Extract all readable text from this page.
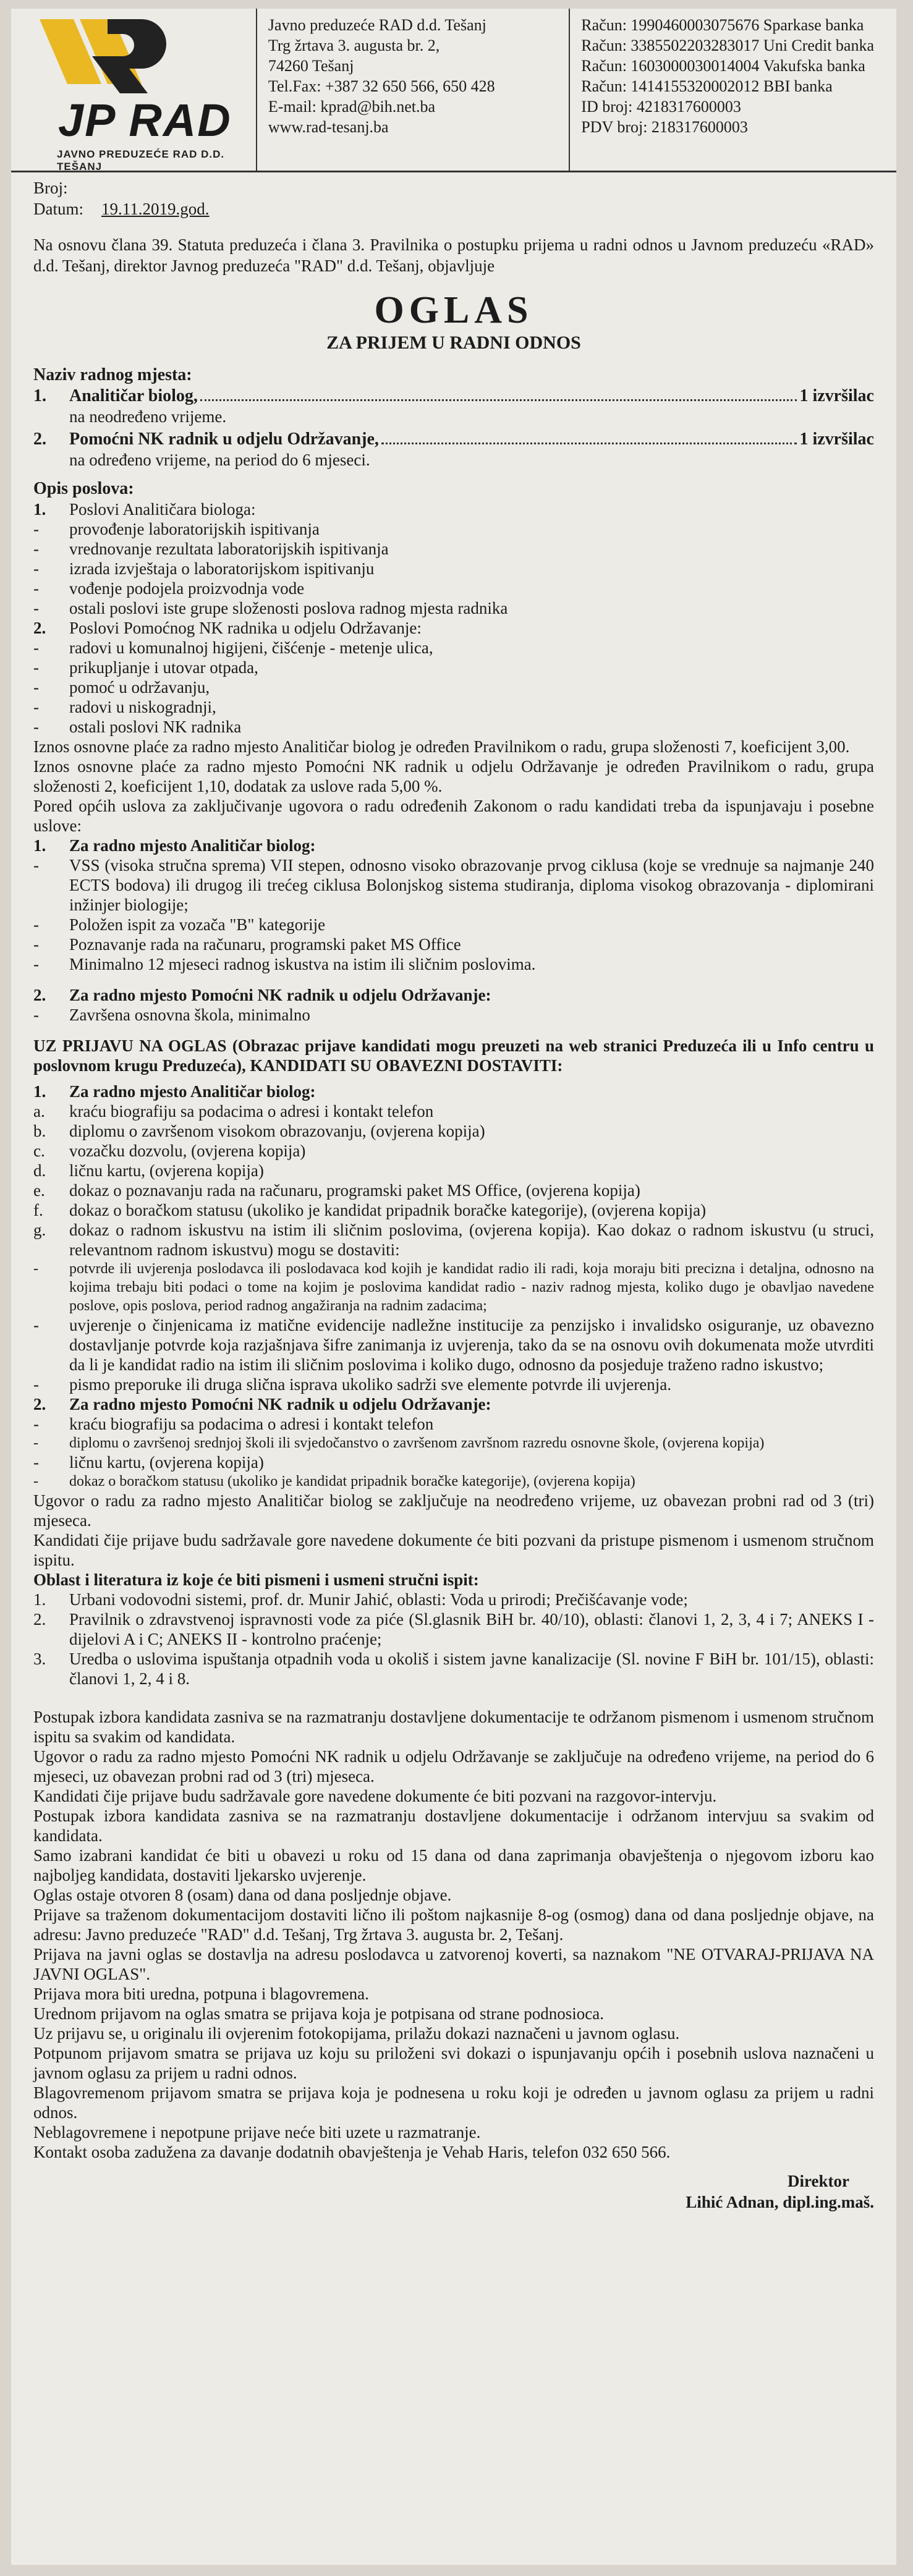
JP RAD
JAVNO PREDUZEĆE RAD D.D. TEŠANJ
Javno preduzeće RAD d.d. Tešanj
Trg žrtava 3. augusta br. 2,
74260 Tešanj
Tel.Fax: +387 32 650 566, 650 428
E-mail: kprad@bih.net.ba
www.rad-tesanj.ba
Račun: 1990460003075676 Sparkase banka
Račun: 3385502203283017 Uni Credit banka
Račun: 1603000030014004 Vakufska banka
Račun: 1414155320002012 BBI banka
ID broj: 4218317600003
PDV broj: 218317600003
Broj:
Datum: 19.11.2019.god.
Na osnovu člana 39. Statuta preduzeća i člana 3. Pravilnika o postupku prijema u radni odnos u Javnom preduzeću «RAD» d.d. Tešanj, direktor Javnog preduzeća "RAD" d.d. Tešanj, objavljuje
OGLAS
ZA PRIJEM U RADNI ODNOS
Naziv radnog mjesta:
1.	Analitičar biolog,	1 izvršilac
na neodređeno vrijeme.
2.	Pomoćni NK radnik u odjelu Održavanje,	1 izvršilac
na određeno vrijeme, na period do 6 mjeseci.
Opis poslova:
1.	Poslovi Analitičara biologa:
-	provođenje laboratorijskih ispitivanja
-	vrednovanje rezultata laboratorijskih ispitivanja
-	izrada izvještaja o laboratorijskom ispitivanju
-	vođenje podojela proizvodnja vode
-	ostali poslovi iste grupe složenosti poslova radnog mjesta radnika
2.	Poslovi Pomoćnog NK radnika u odjelu Održavanje:
-	radovi u komunalnoj higijeni, čišćenje - metenje ulica,
-	prikupljanje i utovar otpada,
-	pomoć u održavanju,
-	radovi u niskogradnji,
-	ostali poslovi NK radnika
Iznos osnovne plaće za radno mjesto Analitičar biolog je određen Pravilnikom o radu, grupa složenosti 7, koeficijent 3,00.
Iznos osnovne plaće za radno mjesto Pomoćni NK radnik u odjelu Održavanje je određen Pravilnikom o radu, grupa složenosti 2, koeficijent 1,10, dodatak za uslove rada 5,00 %.
Pored općih uslova za zaključivanje ugovora o radu određenih Zakonom o radu kandidati treba da ispunjavaju i posebne uslove:
1.	Za radno mjesto Analitičar biolog:
-	VSS (visoka stručna sprema) VII stepen, odnosno visoko obrazovanje prvog ciklusa (koje se vrednuje sa najmanje 240 ECTS bodova) ili drugog ili trećeg ciklusa Bolonjskog sistema studiranja, diploma visokog obrazovanja - diplomirani inžinjer biologije;
-	Položen ispit za vozača "B" kategorije
-	Poznavanje rada na računaru, programski paket MS Office
-	Minimalno 12 mjeseci radnog iskustva na istim ili sličnim poslovima.
2.	Za radno mjesto Pomoćni NK radnik u odjelu Održavanje:
-	Završena osnovna škola, minimalno
UZ PRIJAVU NA OGLAS (Obrazac prijave kandidati mogu preuzeti na web stranici Preduzeća ili u Info centru u poslovnom krugu Preduzeća), KANDIDATI SU OBAVEZNI DOSTAVITI:
1.	Za radno mjesto Analitičar biolog:
a.	kraću biografiju sa podacima o adresi i kontakt telefon
b.	diplomu o završenom visokom obrazovanju, (ovjerena kopija)
c.	vozačku dozvolu, (ovjerena kopija)
d.	ličnu kartu, (ovjerena kopija)
e.	dokaz o poznavanju rada na računaru, programski paket MS Office, (ovjerena kopija)
f.	dokaz o boračkom statusu (ukoliko je kandidat pripadnik boračke kategorije), (ovjerena kopija)
g.	dokaz o radnom iskustvu na istim ili sličnim poslovima, (ovjerena kopija). Kao dokaz o radnom iskustvu (u struci, relevantnom radnom iskustvu) mogu se dostaviti:
-	potvrde ili uvjerenja poslodavca ili poslodavaca kod kojih je kandidat radio ili radi, koja moraju biti precizna i detaljna, odnosno na kojima trebaju biti podaci o tome na kojim je poslovima kandidat radio - naziv radnog mjesta, koliko dugo je obavljao navedene poslove, opis poslova, period radnog angažiranja na radnim zadacima;
-	uvjerenje o činjenicama iz matične evidencije nadležne institucije za penzijsko i invalidsko osiguranje, uz obavezno dostavljanje potvrde koja razjašnjava šifre zanimanja iz uvjerenja, tako da se na osnovu ovih dokumenata može utvrditi da li je kandidat radio na istim ili sličnim poslovima i koliko dugo, odnosno da posjeduje traženo radno iskustvo;
-	pismo preporuke ili druga slična isprava ukoliko sadrži sve elemente potvrde ili uvjerenja.
2.	Za radno mjesto Pomoćni NK radnik u odjelu Održavanje:
-	kraću biografiju sa podacima o adresi i kontakt telefon
-	diplomu o završenoj srednjoj školi ili svjedočanstvo o završenom završnom razredu osnovne škole, (ovjerena kopija)
-	ličnu kartu, (ovjerena kopija)
-	dokaz o boračkom statusu (ukoliko je kandidat pripadnik boračke kategorije), (ovjerena kopija)
Ugovor o radu za radno mjesto Analitičar biolog se zaključuje na neodređeno vrijeme, uz obavezan probni rad od 3 (tri) mjeseca.
Kandidati čije prijave budu sadržavale gore navedene dokumente će biti pozvani da pristupe pismenom i usmenom stručnom ispitu.
Oblast i literatura iz koje će biti pismeni i usmeni stručni ispit:
1.	Urbani vodovodni sistemi, prof. dr. Munir Jahić, oblasti: Voda u prirodi; Prečišćavanje vode;
2.	Pravilnik o zdravstvenoj ispravnosti vode za piće (Sl.glasnik BiH br. 40/10), oblasti: članovi 1, 2, 3, 4 i 7; ANEKS I - dijelovi A i C; ANEKS II - kontrolno praćenje;
3.	Uredba o uslovima ispuštanja otpadnih voda u okoliš i sistem javne kanalizacije (Sl. novine F BiH br. 101/15), oblasti: članovi 1, 2, 4 i 8.
Postupak izbora kandidata zasniva se na razmatranju dostavljene dokumentacije te održanom pismenom i usmenom stručnom ispitu sa svakim od kandidata.
Ugovor o radu za radno mjesto Pomoćni NK radnik u odjelu Održavanje se zaključuje na određeno vrijeme, na period do 6 mjeseci, uz obavezan probni rad od 3 (tri) mjeseca.
Kandidati čije prijave budu sadržavale gore navedene dokumente će biti pozvani na razgovor-intervju.
Postupak izbora kandidata zasniva se na razmatranju dostavljene dokumentacije i održanom intervjuu sa svakim od kandidata.
Samo izabrani kandidat će biti u obavezi u roku od 15 dana od dana zaprimanja obavještenja o njegovom izboru kao najboljeg kandidata, dostaviti ljekarsko uvjerenje.
Oglas ostaje otvoren 8 (osam) dana od dana posljednje objave.
Prijave sa traženom dokumentacijom dostaviti lično ili poštom najkasnije 8-og (osmog) dana od dana posljednje objave, na adresu: Javno preduzeće "RAD" d.d. Tešanj, Trg žrtava 3. augusta br. 2, Tešanj.
Prijava na javni oglas se dostavlja na adresu poslodavca u zatvorenoj koverti, sa naznakom "NE OTVARAJ-PRIJAVA NA JAVNI OGLAS".
Prijava mora biti uredna, potpuna i blagovremena.
Urednom prijavom na oglas smatra se prijava koja je potpisana od strane podnosioca.
Uz prijavu se, u originalu ili ovjerenim fotokopijama, prilažu dokazi naznačeni u javnom oglasu.
Potpunom prijavom smatra se prijava uz koju su priloženi svi dokazi o ispunjavanju općih i posebnih uslova naznačeni u javnom oglasu za prijem u radni odnos.
Blagovremenom prijavom smatra se prijava koja je podnesena u roku koji je određen u javnom oglasu za prijem u radni odnos.
Neblagovremene i nepotpune prijave neće biti uzete u razmatranje.
Kontakt osoba zadužena za davanje dodatnih obavještenja je Vehab Haris, telefon 032 650 566.
Direktor
Lihić Adnan, dipl.ing.maš.
